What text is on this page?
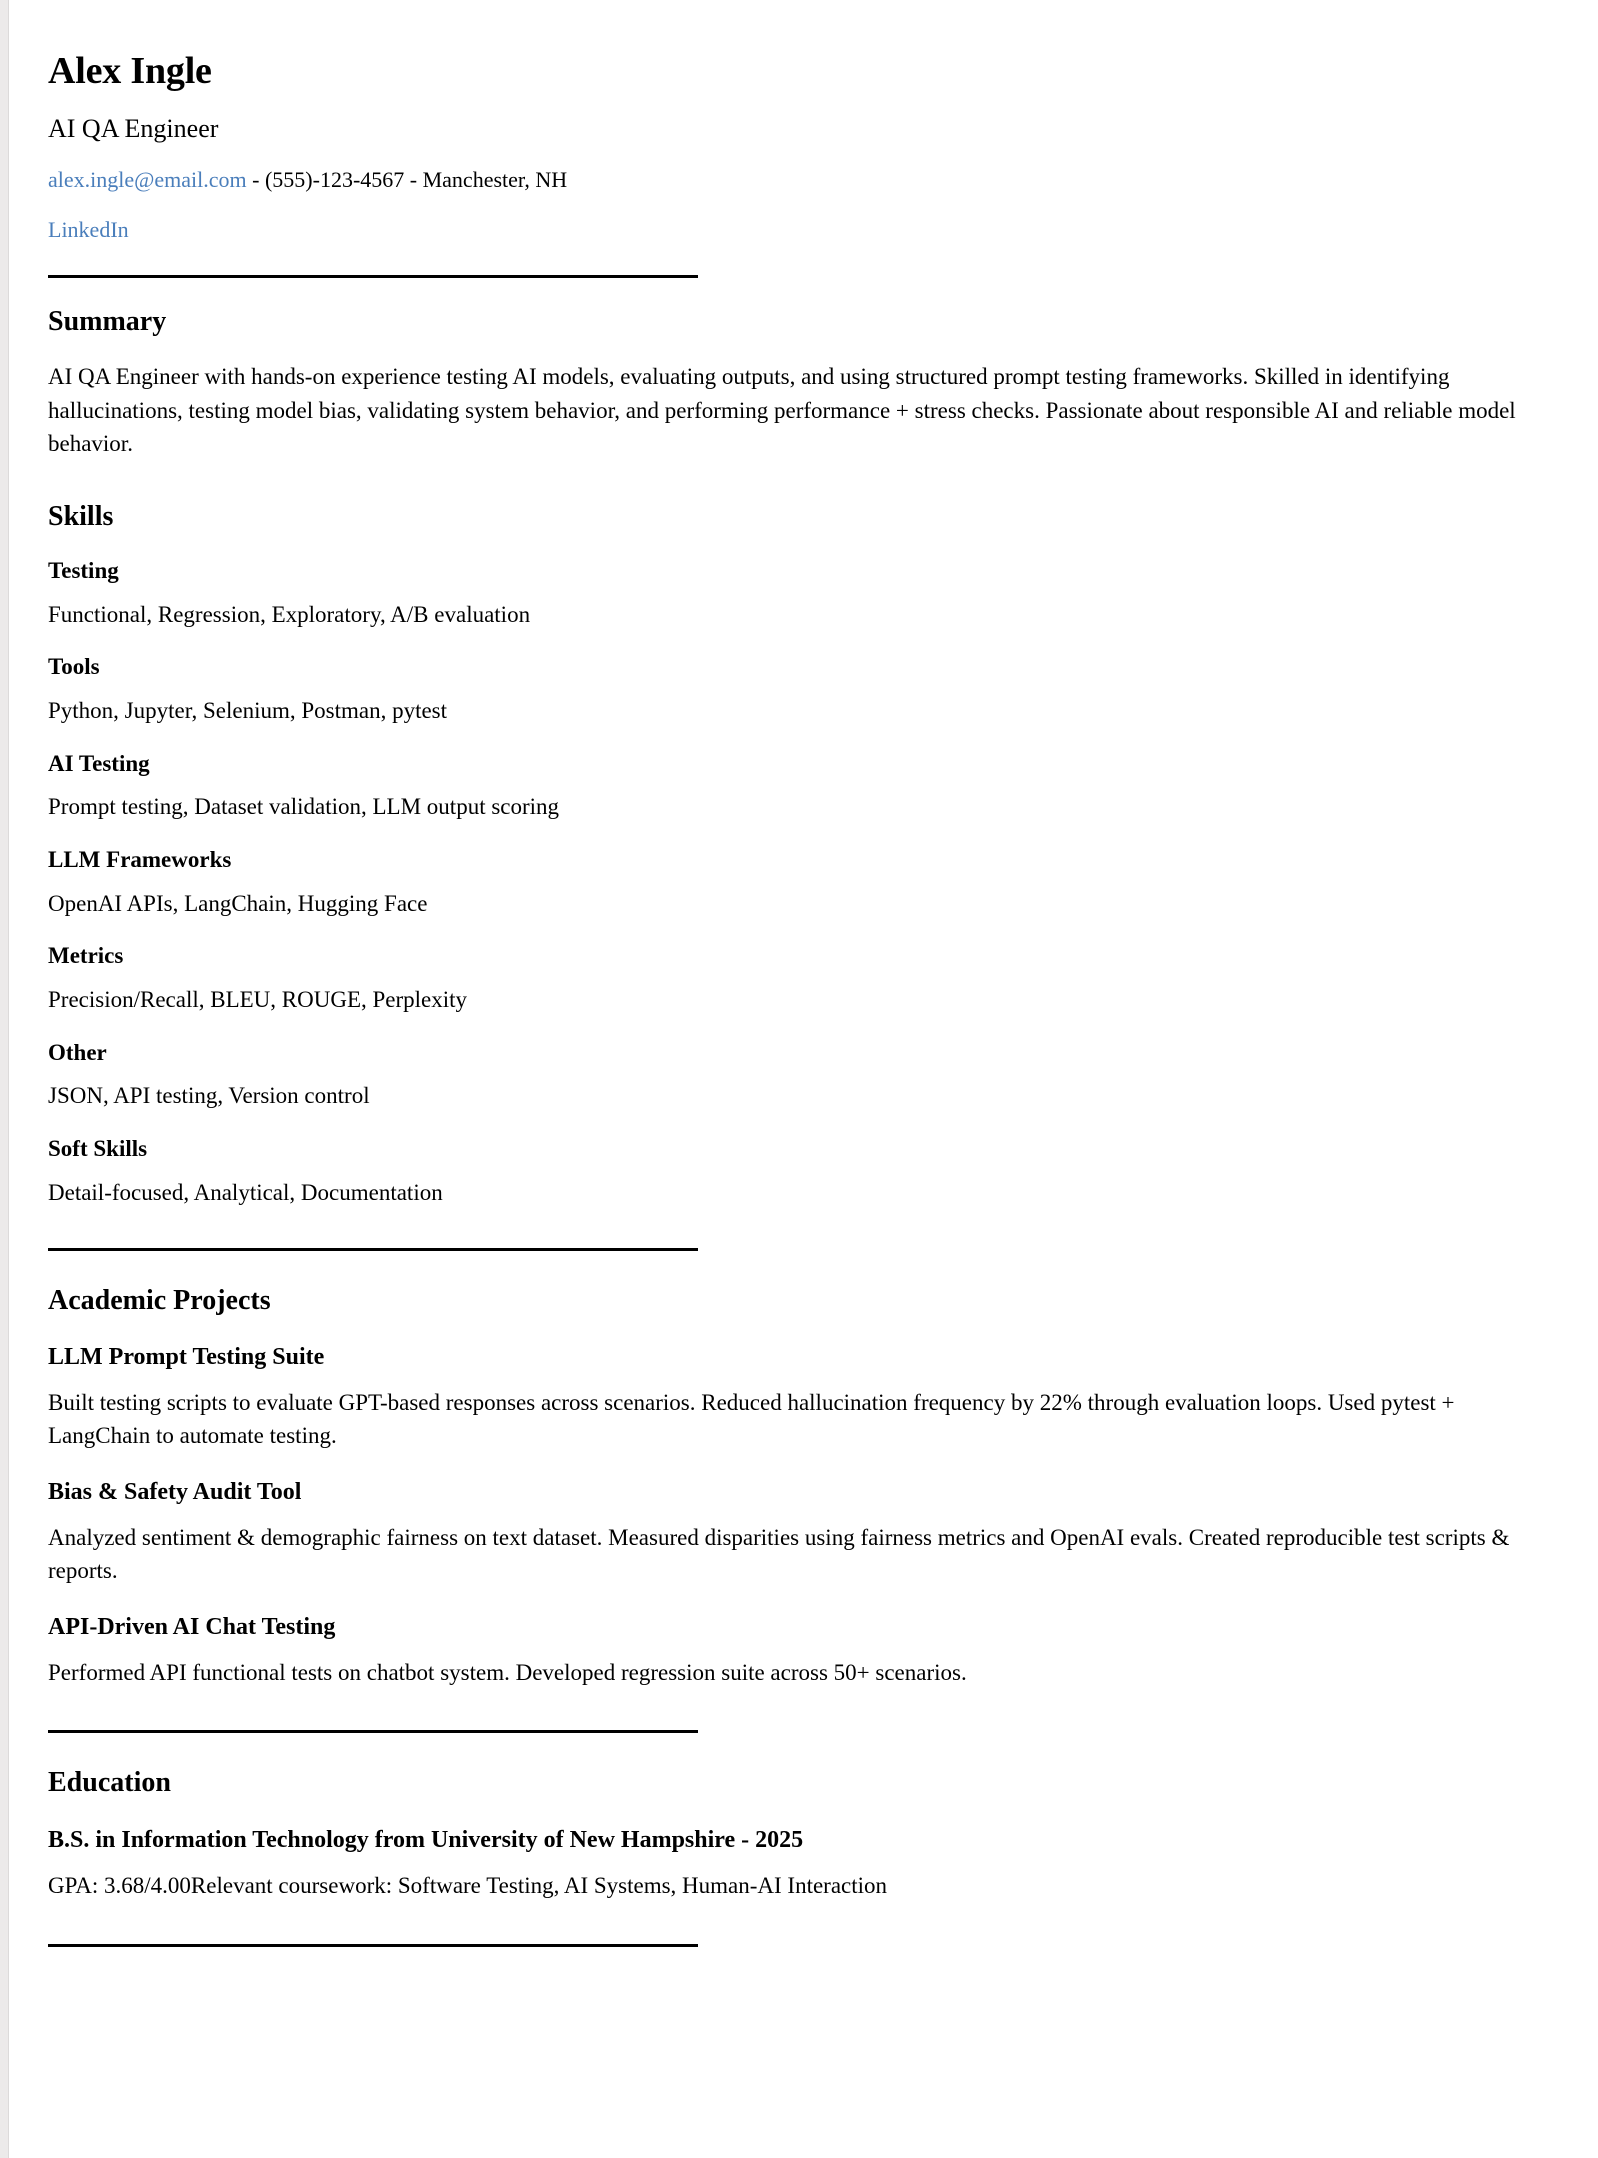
Alex Ingle
AI QA Engineer
alex.ingle@email.com - (555)-123-4567 - Manchester, NH
LinkedIn
Summary

AI QA Engineer with hands-on experience testing AI models, evaluating outputs, and using structured prompt testing frameworks. Skilled in identifying hallucinations, testing model bias, validating system behavior, and performing performance + stress checks. Passionate about responsible AI and reliable model behavior.

Skills
Testing
Functional, Regression, Exploratory, A/B evaluation
Tools
Python, Jupyter, Selenium, Postman, pytest
AI Testing
Prompt testing, Dataset validation, LLM output scoring
LLM Frameworks
OpenAI APIs, LangChain, Hugging Face
Metrics
Precision/Recall, BLEU, ROUGE, Perplexity
Other
JSON, API testing, Version control
Soft Skills
Detail-focused, Analytical, Documentation
Academic Projects
LLM Prompt Testing Suite

Built testing scripts to evaluate GPT-based responses across scenarios. Reduced hallucination frequency by 22% through evaluation loops. Used pytest + LangChain to automate testing.

Bias & Safety Audit Tool

Analyzed sentiment & demographic fairness on text dataset. Measured disparities using fairness metrics and OpenAI evals. Created reproducible test scripts & reports.

API-Driven AI Chat Testing

Performed API functional tests on chatbot system. Developed regression suite across 50+ scenarios.

Education
B.S. in Information Technology from University of New Hampshire - 2025
GPA: 3.68/4.00Relevant coursework: Software Testing, AI Systems, Human-AI Interaction
